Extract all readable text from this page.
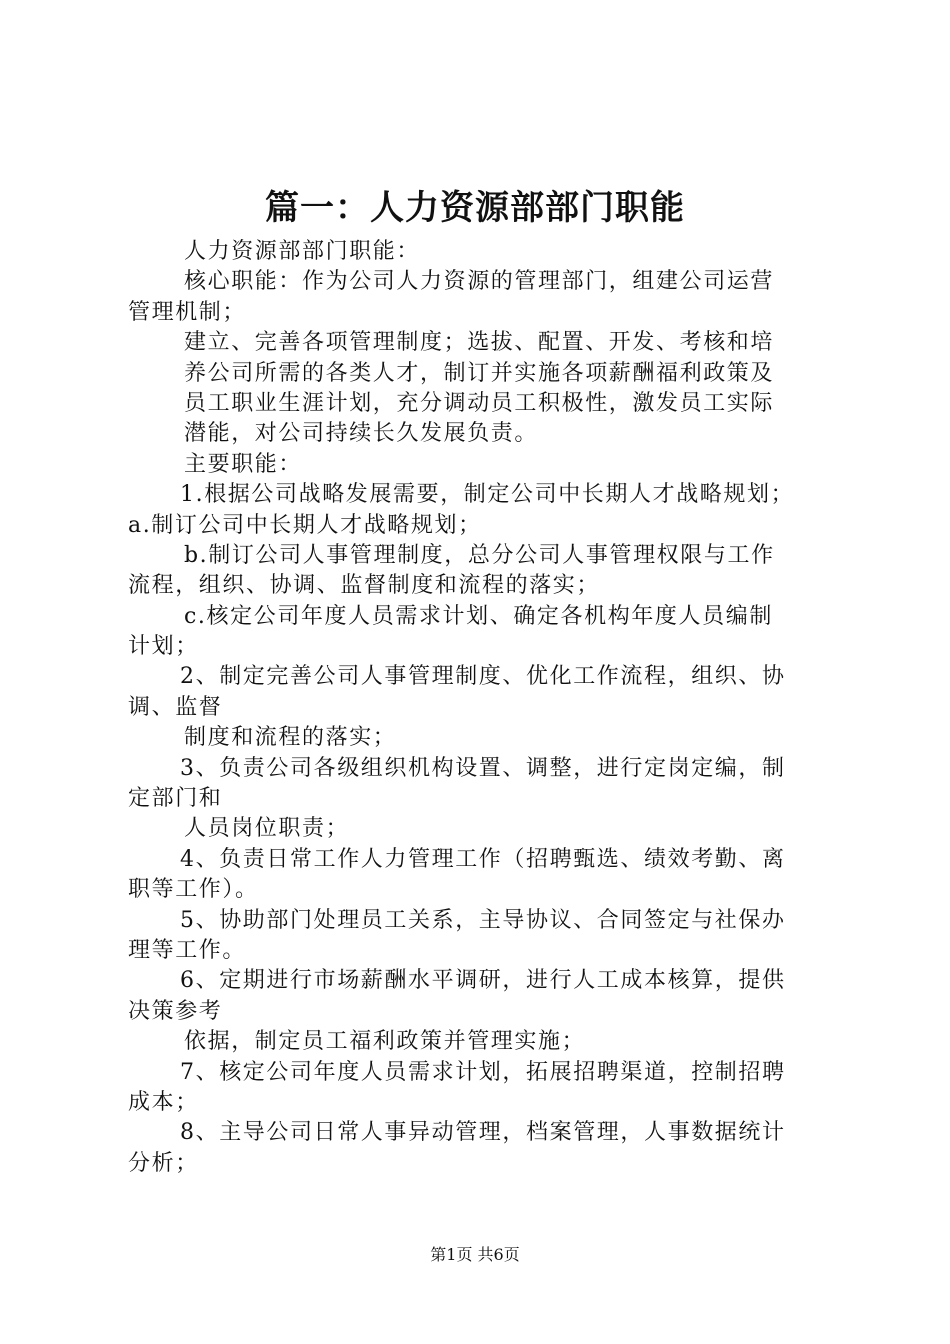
篇一：人力资源部部门职能
人力资源部部门职能：
核心职能：作为公司人力资源的管理部门，组建公司运营
管理机制；
建立、完善各项管理制度；选拔、配置、开发、考核和培
养公司所需的各类人才，制订并实施各项薪酬福利政策及
员工职业生涯计划，充分调动员工积极性，激发员工实际
潜能，对公司持续长久发展负责。
主要职能：
1.根据公司战略发展需要，制定公司中长期人才战略规划；
a.制订公司中长期人才战略规划；
b.制订公司人事管理制度，总分公司人事管理权限与工作
流程，组织、协调、监督制度和流程的落实；
c.核定公司年度人员需求计划、确定各机构年度人员编制
计划；
2、制定完善公司人事管理制度、优化工作流程，组织、协
调、监督
制度和流程的落实；
3、负责公司各级组织机构设置、调整，进行定岗定编，制
定部门和
人员岗位职责；
4、负责日常工作人力管理工作（招聘甄选、绩效考勤、离
职等工作）。
5、协助部门处理员工关系，主导协议、合同签定与社保办
理等工作。
6、定期进行市场薪酬水平调研，进行人工成本核算，提供
决策参考
依据，制定员工福利政策并管理实施；
7、核定公司年度人员需求计划，拓展招聘渠道，控制招聘
成本；
8、主导公司日常人事异动管理，档案管理，人事数据统计
分析；
第1页 共6页
